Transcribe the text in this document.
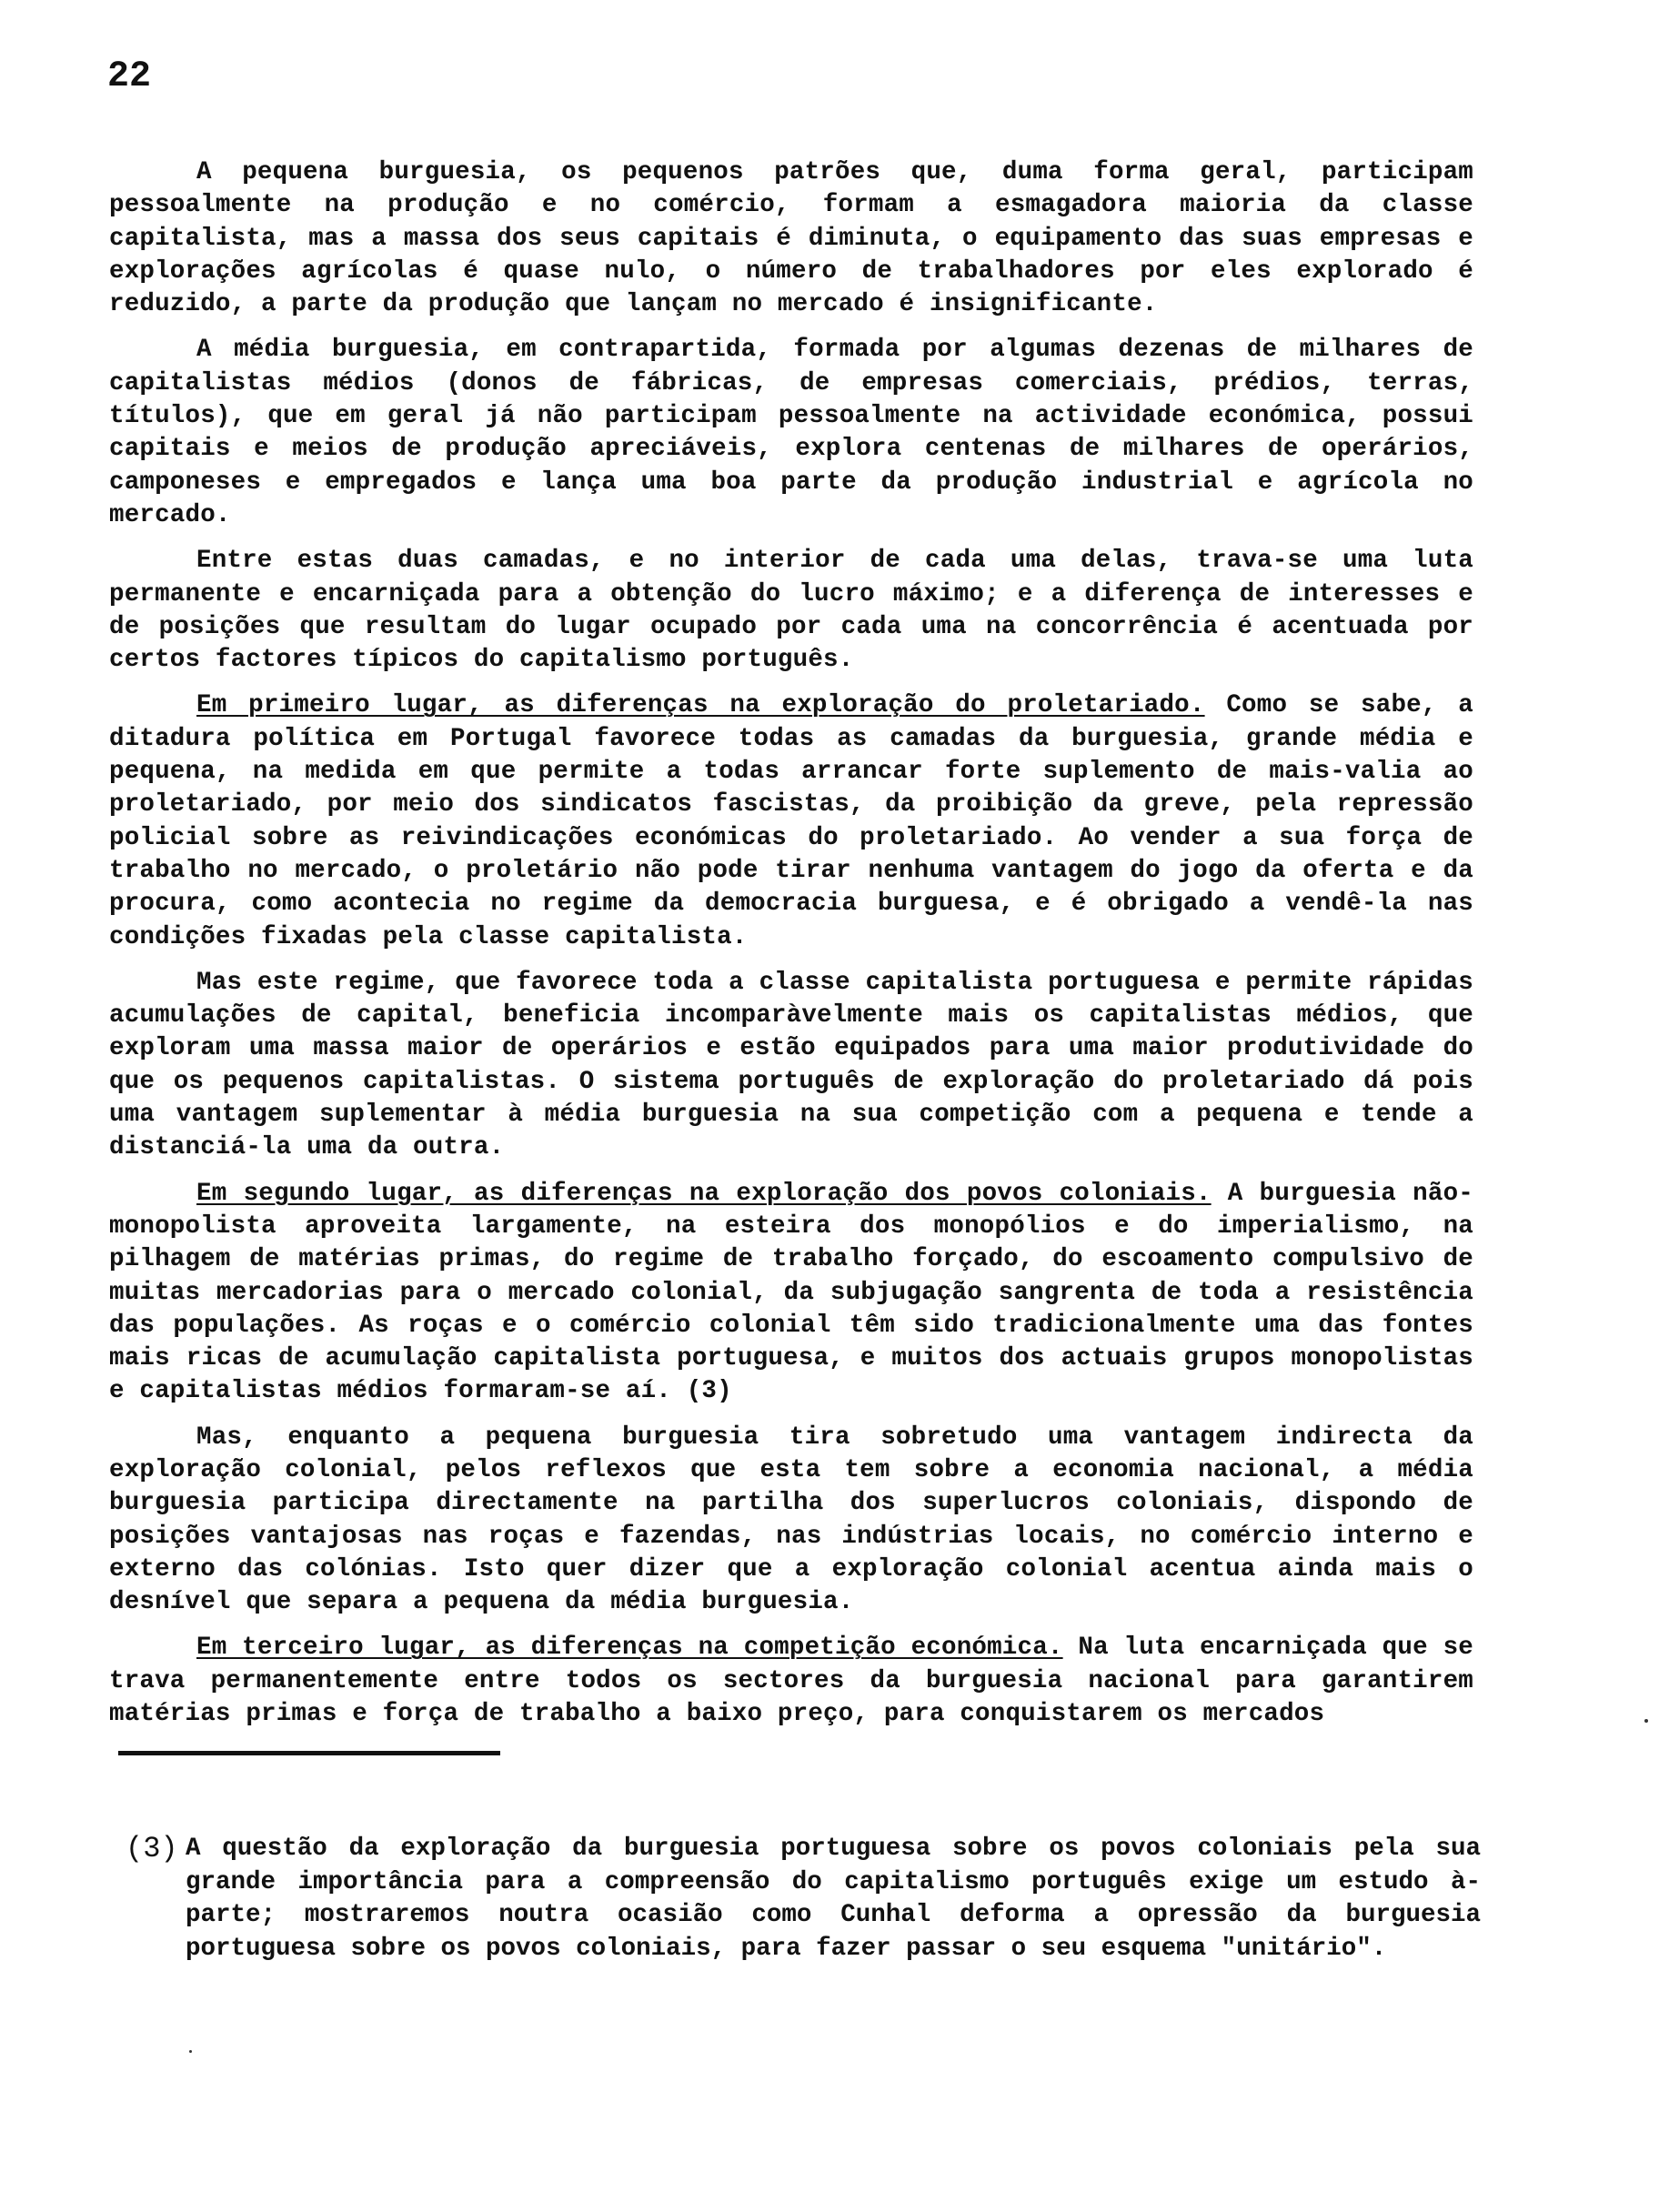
22

A pequena burguesia, os pequenos patrões que, duma forma geral, participam pessoalmente na produção e no comércio, formam a esmagadora maioria da classe capitalista, mas a massa dos seus capitais é diminuta, o equipamento das suas empresas e explorações agrícolas é quase nulo, o número de trabalhadores por eles explorado é reduzido, a parte da produção que lançam no mercado é insignificante.

A média burguesia, em contrapartida, formada por algumas dezenas de milhares de capitalistas médios (donos de fábricas, de empresas comerciais, prédios, terras, títulos), que em geral já não participam pessoalmente na actividade económica, possui capitais e meios de produção apreciáveis, explora centenas de milhares de operários, camponeses e empregados e lança uma boa parte da produção industrial e agrícola no mercado.

Entre estas duas camadas, e no interior de cada uma delas, trava-se uma luta permanente e encarniçada para a obtenção do lucro máximo; e a diferença de interesses e de posições que resultam do lugar ocupado por cada uma na concorrência é acentuada por certos factores típicos do capitalismo português.

Em primeiro lugar, as diferenças na exploração do proletariado. Como se sabe, a ditadura política em Portugal favorece todas as camadas da burguesia, grande média e pequena, na medida em que permite a todas arrancar forte suplemento de mais-valia ao proletariado, por meio dos sindicatos fascistas, da proibição da greve, pela repressão policial sobre as reivindicações económicas do proletariado. Ao vender a sua força de trabalho no mercado, o proletário não pode tirar nenhuma vantagem do jogo da oferta e da procura, como acontecia no regime da democracia burguesa, e é obrigado a vendê-la nas condições fixadas pela classe capitalista.

Mas este regime, que favorece toda a classe capitalista portuguesa e permite rápidas acumulações de capital, beneficia incomparàvelmente mais os capitalistas médios, que exploram uma massa maior de operários e estão equipados para uma maior produtividade do que os pequenos capitalistas. O sistema português de exploração do proletariado dá pois uma vantagem suplementar à média burguesia na sua competição com a pequena e tende a distanciá-la uma da outra.

Em segundo lugar, as diferenças na exploração dos povos coloniais. A burguesia não-monopolista aproveita largamente, na esteira dos monopólios e do imperialismo, na pilhagem de matérias primas, do regime de trabalho forçado, do escoamento compulsivo de muitas mercadorias para o mercado colonial, da subjugação sangrenta de toda a resistência das populações. As roças e o comércio colonial têm sido tradicionalmente uma das fontes mais ricas de acumulação capitalista portuguesa, e muitos dos actuais grupos monopolistas e capitalistas médios formaram-se aí. (3)

Mas, enquanto a pequena burguesia tira sobretudo uma vantagem indirecta da exploração colonial, pelos reflexos que esta tem sobre a economia nacional, a média burguesia participa directamente na partilha dos superlucros coloniais, dispondo de posições vantajosas nas roças e fazendas, nas indústrias locais, no comércio interno e externo das colónias. Isto quer dizer que a exploração colonial acentua ainda mais o desnível que separa a pequena da média burguesia.

Em terceiro lugar, as diferenças na competição económica. Na luta encarniçada que se trava permanentemente entre todos os sectores da burguesia nacional para garantirem matérias primas e força de trabalho a baixo preço, para conquistarem os mercados

(3) A questão da exploração da burguesia portuguesa sobre os povos coloniais pela sua grande importância para a compreensão do capitalismo português exige um estudo à-parte; mostraremos noutra ocasião como Cunhal deforma a opressão da burguesia portuguesa sobre os povos coloniais, para fazer passar o seu esquema "unitário".
